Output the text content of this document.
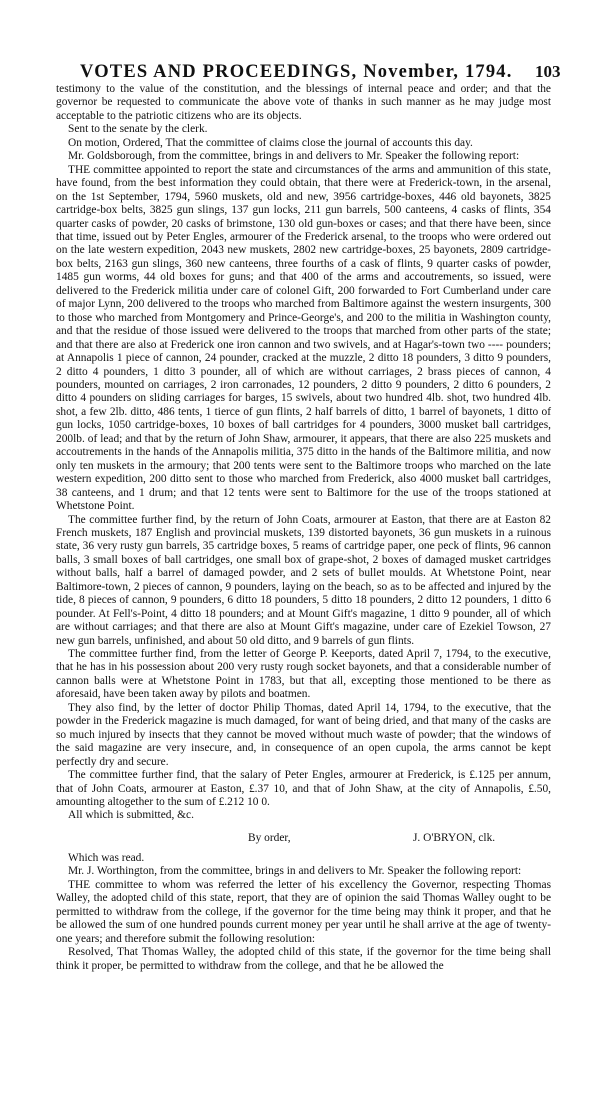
VOTES AND PROCEEDINGS, November, 1794. 103

testimony to the value of the constitution, and the blessings of internal peace and order; and that the governor be requested to communicate the above vote of thanks in such manner as he may judge most acceptable to the patriotic citizens who are its objects.

Sent to the senate by the clerk.

On motion, Ordered, That the committee of claims close the journal of accounts this day.

Mr. Goldsborough, from the committee, brings in and delivers to Mr. Speaker the following report:

THE committee appointed to report the state and circumstances of the arms and ammunition of this state, have found, from the best information they could obtain, that there were at Frederick-town, in the arsenal, on the 1st September, 1794, 5960 muskets, old and new, 3956 cartridge-boxes, 446 old bayonets, 3825 cartridge-box belts, 3825 gun slings, 137 gun locks, 211 gun barrels, 500 canteens, 4 casks of flints, 354 quarter casks of powder, 20 casks of brimstone, 130 old gun-boxes or cases; and that there have been, since that time, issued out by Peter Engles, armourer of the Frederick arsenal, to the troops who were ordered out on the late western expedition, 2043 new muskets, 2802 new cartridge-boxes, 25 bayonets, 2809 cartridge-box belts, 2163 gun slings, 360 new canteens, three fourths of a cask of flints, 9 quarter casks of powder, 1485 gun worms, 44 old boxes for guns; and that 400 of the arms and accoutrements, so issued, were delivered to the Frederick militia under care of colonel Gift, 200 forwarded to Fort Cumberland under care of major Lynn, 200 delivered to the troops who marched from Baltimore against the western insurgents, 300 to those who marched from Montgomery and Prince-George's, and 200 to the militia in Washington county, and that the residue of those issued were delivered to the troops that marched from other parts of the state; and that there are also at Frederick one iron cannon and two swivels, and at Hagar's-town two ---- pounders; at Annapolis 1 piece of cannon, 24 pounder, cracked at the muzzle, 2 ditto 18 pounders, 3 ditto 9 pounders, 2 ditto 4 pounders, 1 ditto 3 pounder, all of which are without carriages, 2 brass pieces of cannon, 4 pounders, mounted on carriages, 2 iron carronades, 12 pounders, 2 ditto 9 pounders, 2 ditto 6 pounders, 2 ditto 4 pounders on sliding carriages for barges, 15 swivels, about two hundred 4lb. shot, two hundred 4lb. shot, a few 2lb. ditto, 486 tents, 1 tierce of gun flints, 2 half barrels of ditto, 1 barrel of bayonets, 1 ditto of gun locks, 1050 cartridge-boxes, 10 boxes of ball cartridges for 4 pounders, 3000 musket ball cartridges, 200lb. of lead; and that by the return of John Shaw, armourer, it appears, that there are also 225 muskets and accoutrements in the hands of the Annapolis militia, 375 ditto in the hands of the Baltimore militia, and now only ten muskets in the armoury; that 200 tents were sent to the Baltimore troops who marched on the late western expedition, 200 ditto sent to those who marched from Frederick, also 4000 musket ball cartridges, 38 canteens, and 1 drum; and that 12 tents were sent to Baltimore for the use of the troops stationed at Whetstone Point.

The committee further find, by the return of John Coats, armourer at Easton, that there are at Easton 82 French muskets, 187 English and provincial muskets, 139 distorted bayonets, 36 gun muskets in a ruinous state, 36 very rusty gun barrels, 35 cartridge boxes, 5 reams of cartridge paper, one peck of flints, 96 cannon balls, 3 small boxes of ball cartridges, one small box of grape-shot, 2 boxes of damaged musket cartridges without balls, half a barrel of damaged powder, and 2 sets of bullet moulds. At Whetstone Point, near Baltimore-town, 2 pieces of cannon, 9 pounders, laying on the beach, so as to be affected and injured by the tide, 8 pieces of cannon, 9 pounders, 6 ditto 18 pounders, 5 ditto 18 pounders, 2 ditto 12 pounders, 1 ditto 6 pounder. At Fell's-Point, 4 ditto 18 pounders; and at Mount Gift's magazine, 1 ditto 9 pounder, all of which are without carriages; and that there are also at Mount Gift's magazine, under care of Ezekiel Towson, 27 new gun barrels, unfinished, and about 50 old ditto, and 9 barrels of gun flints.

The committee further find, from the letter of George P. Keeports, dated April 7, 1794, to the executive, that he has in his possession about 200 very rusty rough socket bayonets, and that a considerable number of cannon balls were at Whetstone Point in 1783, but that all, excepting those mentioned to be there as aforesaid, have been taken away by pilots and boatmen.

They also find, by the letter of doctor Philip Thomas, dated April 14, 1794, to the executive, that the powder in the Frederick magazine is much damaged, for want of being dried, and that many of the casks are so much injured by insects that they cannot be moved without much waste of powder; that the windows of the said magazine are very insecure, and, in consequence of an open cupola, the arms cannot be kept perfectly dry and secure.

The committee further find, that the salary of Peter Engles, armourer at Frederick, is £.125 per annum, that of John Coats, armourer at Easton, £.37 10, and that of John Shaw, at the city of Annapolis, £.50, amounting altogether to the sum of £.212 10 0.

All which is submitted, &c.

By order,	J. O'BRYON, clk.

Which was read.

Mr. J. Worthington, from the committee, brings in and delivers to Mr. Speaker the following report:

THE committee to whom was referred the letter of his excellency the Governor, respecting Thomas Walley, the adopted child of this state, report, that they are of opinion the said Thomas Walley ought to be permitted to withdraw from the college, if the governor for the time being may think it proper, and that he be allowed the sum of one hundred pounds current money per year until he shall arrive at the age of twenty-one years; and therefore submit the following resolution:

Resolved, That Thomas Walley, the adopted child of this state, if the governor for the time being shall think it proper, be permitted to withdraw from the college, and that he be allowed the
